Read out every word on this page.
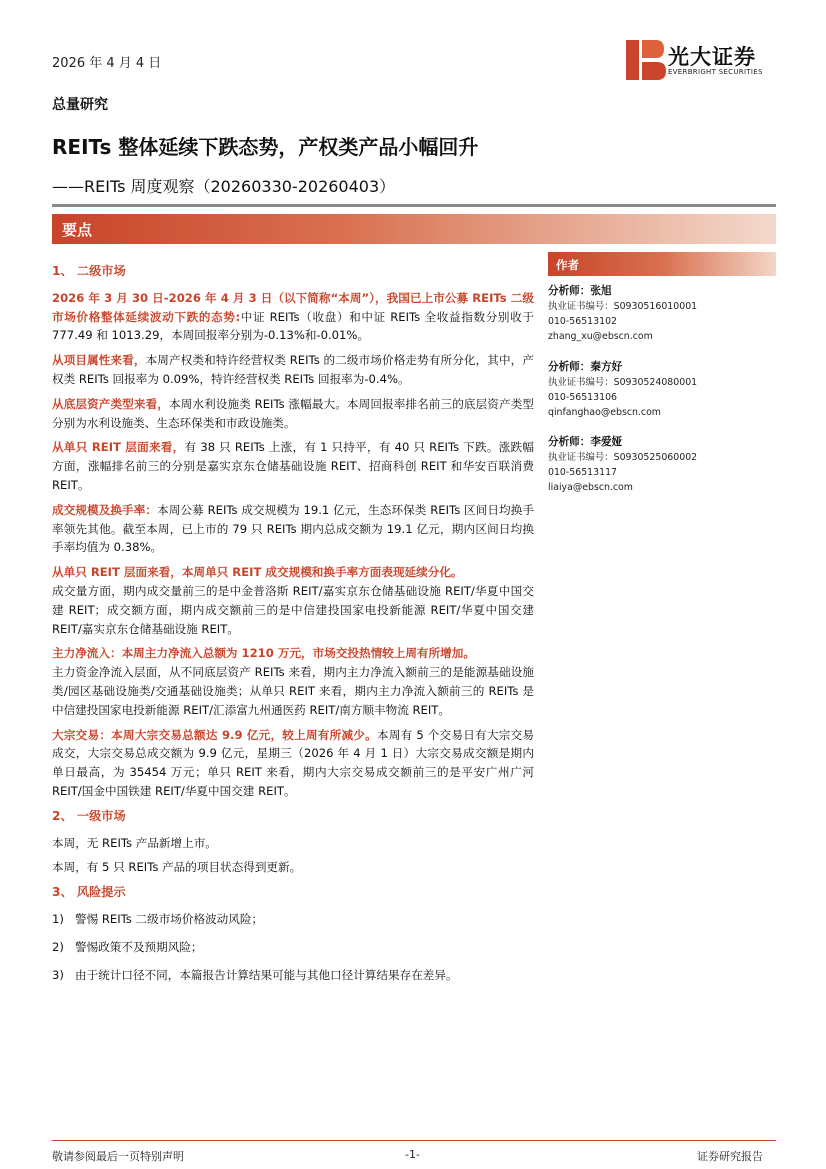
2026 年 4 月 4 日	光大证券
EVERBRIGHT SECURITIES
总量研究
REITs 整体延续下跌态势，产权类产品小幅回升
——REITs 周度观察（20260330-20260403）
要点
1、 二级市场

2026 年 3 月 30 日-2026 年 4 月 3 日（以下简称“本周”），我国已上市公募 REITs 二级市场价格整体延续波动下跌的态势:中证 REITs（收盘）和中证 REITs 全收益指数分别收于 777.49 和 1013.29，本周回报率分别为-0.13%和-0.01%。

从项目属性来看，本周产权类和特许经营权类 REITs 的二级市场价格走势有所分化，其中，产权类 REITs 回报率为 0.09%，特许经营权类 REITs 回报率为-0.4%。

从底层资产类型来看，本周水利设施类 REITs 涨幅最大。本周回报率排名前三的底层资产类型分别为水利设施类、生态环保类和市政设施类。

从单只 REIT 层面来看，有 38 只 REITs 上涨，有 1 只持平，有 40 只 REITs 下跌。涨跌幅方面，涨幅排名前三的分别是嘉实京东仓储基础设施 REIT、招商科创 REIT 和华安百联消费 REIT。

成交规模及换手率：本周公募 REITs 成交规模为 19.1 亿元，生态环保类 REITs 区间日均换手率领先其他。截至本周，已上市的 79 只 REITs 期内总成交额为 19.1 亿元，期内区间日均换手率均值为 0.38%。

从单只 REIT 层面来看，本周单只 REIT 成交规模和换手率方面表现延续分化。
成交量方面，期内成交量前三的是中金普洛斯 REIT/嘉实京东仓储基础设施 REIT/华夏中国交建 REIT；成交额方面，期内成交额前三的是中信建投国家电投新能源 REIT/华夏中国交建 REIT/嘉实京东仓储基础设施 REIT。

主力净流入：本周主力净流入总额为 1210 万元，市场交投热情较上周有所增加。
主力资金净流入层面，从不同底层资产 REITs 来看，期内主力净流入额前三的是能源基础设施类/园区基础设施类/交通基础设施类；从单只 REIT 来看，期内主力净流入额前三的 REITs 是中信建投国家电投新能源 REIT/汇添富九州通医药 REIT/南方顺丰物流 REIT。

大宗交易：本周大宗交易总额达 9.9 亿元，较上周有所减少。本周有 5 个交易日有大宗交易成交，大宗交易总成交额为 9.9 亿元，星期三（2026 年 4 月 1 日）大宗交易成交额是期内单日最高，为 35454 万元；单只 REIT 来看，期内大宗交易成交额前三的是平安广州广河 REIT/国金中国铁建 REIT/华夏中国交建 REIT。

2、 一级市场

本周，无 REITs 产品新增上市。

本周，有 5 只 REITs 产品的项目状态得到更新。

3、 风险提示

1) 警惕 REITs 二级市场价格波动风险；

2) 警惕政策不及预期风险；

3) 由于统计口径不同，本篇报告计算结果可能与其他口径计算结果存在差异。

作者
分析师：张旭
执业证书编号：S0930516010001
010-56513102
zhang_xu@ebscn.com
分析师：秦方好
执业证书编号：S0930524080001
010-56513106
qinfanghao@ebscn.com
分析师：李爱娅
执业证书编号：S0930525060002
010-56513117
liaiya@ebscn.com
敬请参阅最后一页特别声明	-1-	证券研究报告
